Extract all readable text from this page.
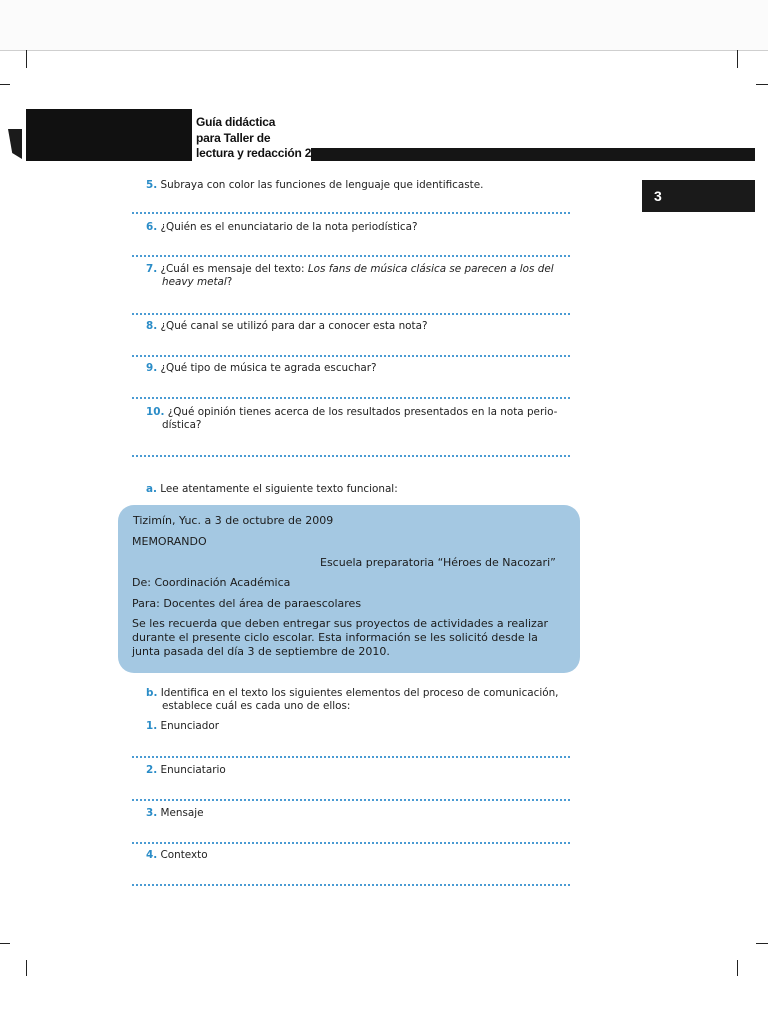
Guía didáctica
para Taller de
lectura y redacción 2
3
5. Subraya con color las funciones de lenguaje que identificaste.
6. ¿Quién es el enunciatario de la nota periodística?
7. ¿Cuál es mensaje del texto: Los fans de música clásica se parecen a los del
heavy metal?
8. ¿Qué canal se utilizó para dar a conocer esta nota?
9. ¿Qué tipo de música te agrada escuchar?
10. ¿Qué opinión tienes acerca de los resultados presentados en la nota perio-
dística?
a. Lee atentamente el siguiente texto funcional:
Tizimín, Yuc. a 3 de octubre de 2009
MEMORANDO
Escuela preparatoria “Héroes de Nacozari”
De: Coordinación Académica
Para: Docentes del área de paraescolares
Se les recuerda que deben entregar sus proyectos de actividades a realizar
durante el presente ciclo escolar. Esta información se les solicitó desde la
junta pasada del día 3 de septiembre de 2010.
b. Identifica en el texto los siguientes elementos del proceso de comunicación,
establece cuál es cada uno de ellos:
1. Enunciador
2. Enunciatario
3. Mensaje
4. Contexto
